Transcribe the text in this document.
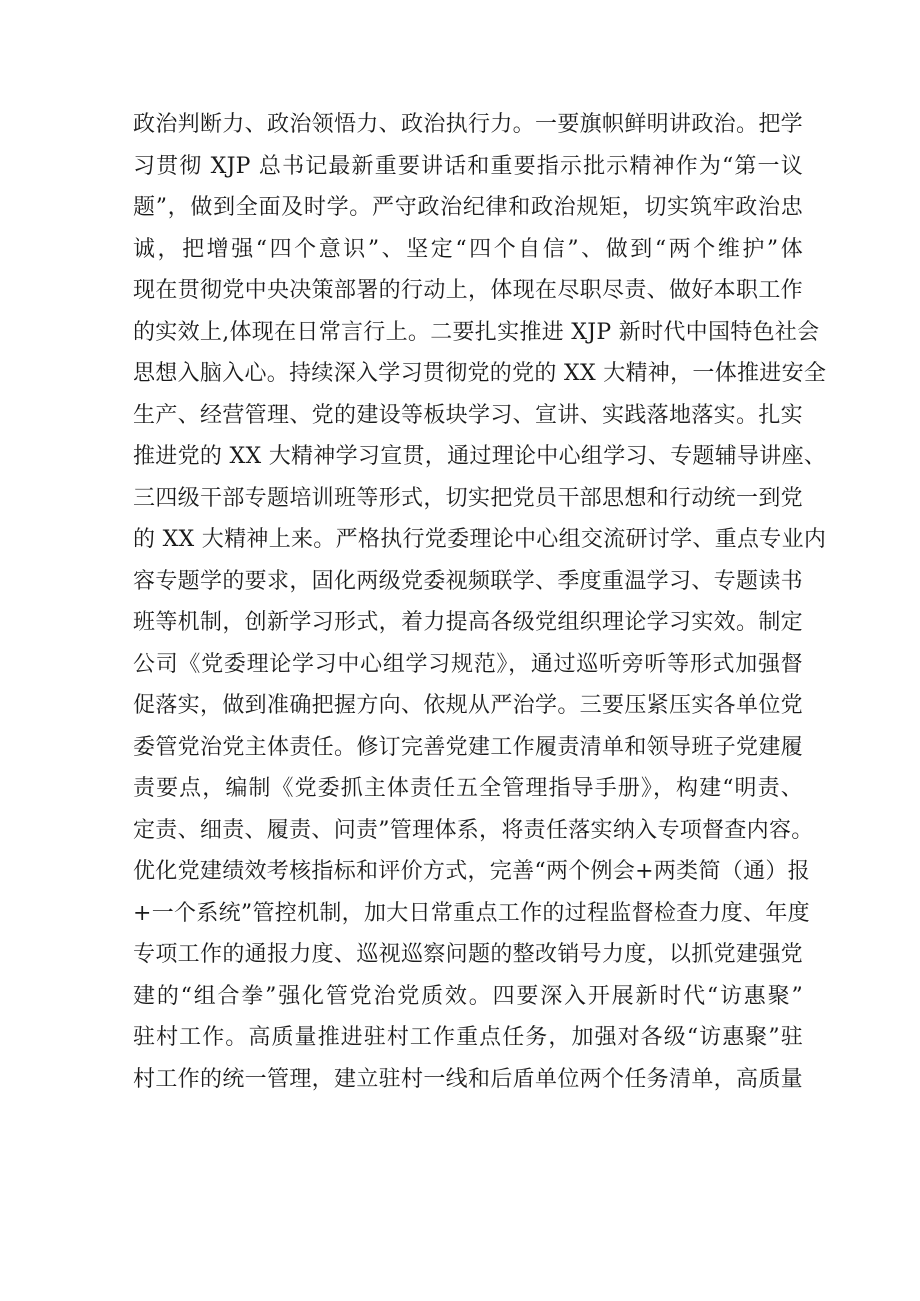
政治判断力、政治领悟力、政治执行力。一要旗帜鲜明讲政治。把学
习贯彻 XJP 总书记最新重要讲话和重要指示批示精神作为“第一议
题”，做到全面及时学。严守政治纪律和政治规矩，切实筑牢政治忠
诚，把增强“四个意识”、坚定“四个自信”、做到“两个维护”体
现在贯彻党中央决策部署的行动上，体现在尽职尽责、做好本职工作
的实效上,体现在日常言行上。二要扎实推进 XJP 新时代中国特色社会
思想入脑入心。持续深入学习贯彻党的党的 XX 大精神，一体推进安全
生产、经营管理、党的建设等板块学习、宣讲、实践落地落实。扎实
推进党的 XX 大精神学习宣贯，通过理论中心组学习、专题辅导讲座、
三四级干部专题培训班等形式，切实把党员干部思想和行动统一到党
的 XX 大精神上来。严格执行党委理论中心组交流研讨学、重点专业内
容专题学的要求，固化两级党委视频联学、季度重温学习、专题读书
班等机制，创新学习形式，着力提高各级党组织理论学习实效。制定
公司《党委理论学习中心组学习规范》，通过巡听旁听等形式加强督
促落实，做到准确把握方向、依规从严治学。三要压紧压实各单位党
委管党治党主体责任。修订完善党建工作履责清单和领导班子党建履
责要点，编制《党委抓主体责任五全管理指导手册》，构建“明责、
定责、细责、履责、问责”管理体系，将责任落实纳入专项督查内容。
优化党建绩效考核指标和评价方式，完善“两个例会+两类简（通）报
+一个系统”管控机制，加大日常重点工作的过程监督检查力度、年度
专项工作的通报力度、巡视巡察问题的整改销号力度，以抓党建强党
建的“组合拳”强化管党治党质效。四要深入开展新时代“访惠聚”
驻村工作。高质量推进驻村工作重点任务，加强对各级“访惠聚”驻
村工作的统一管理，建立驻村一线和后盾单位两个任务清单，高质量
